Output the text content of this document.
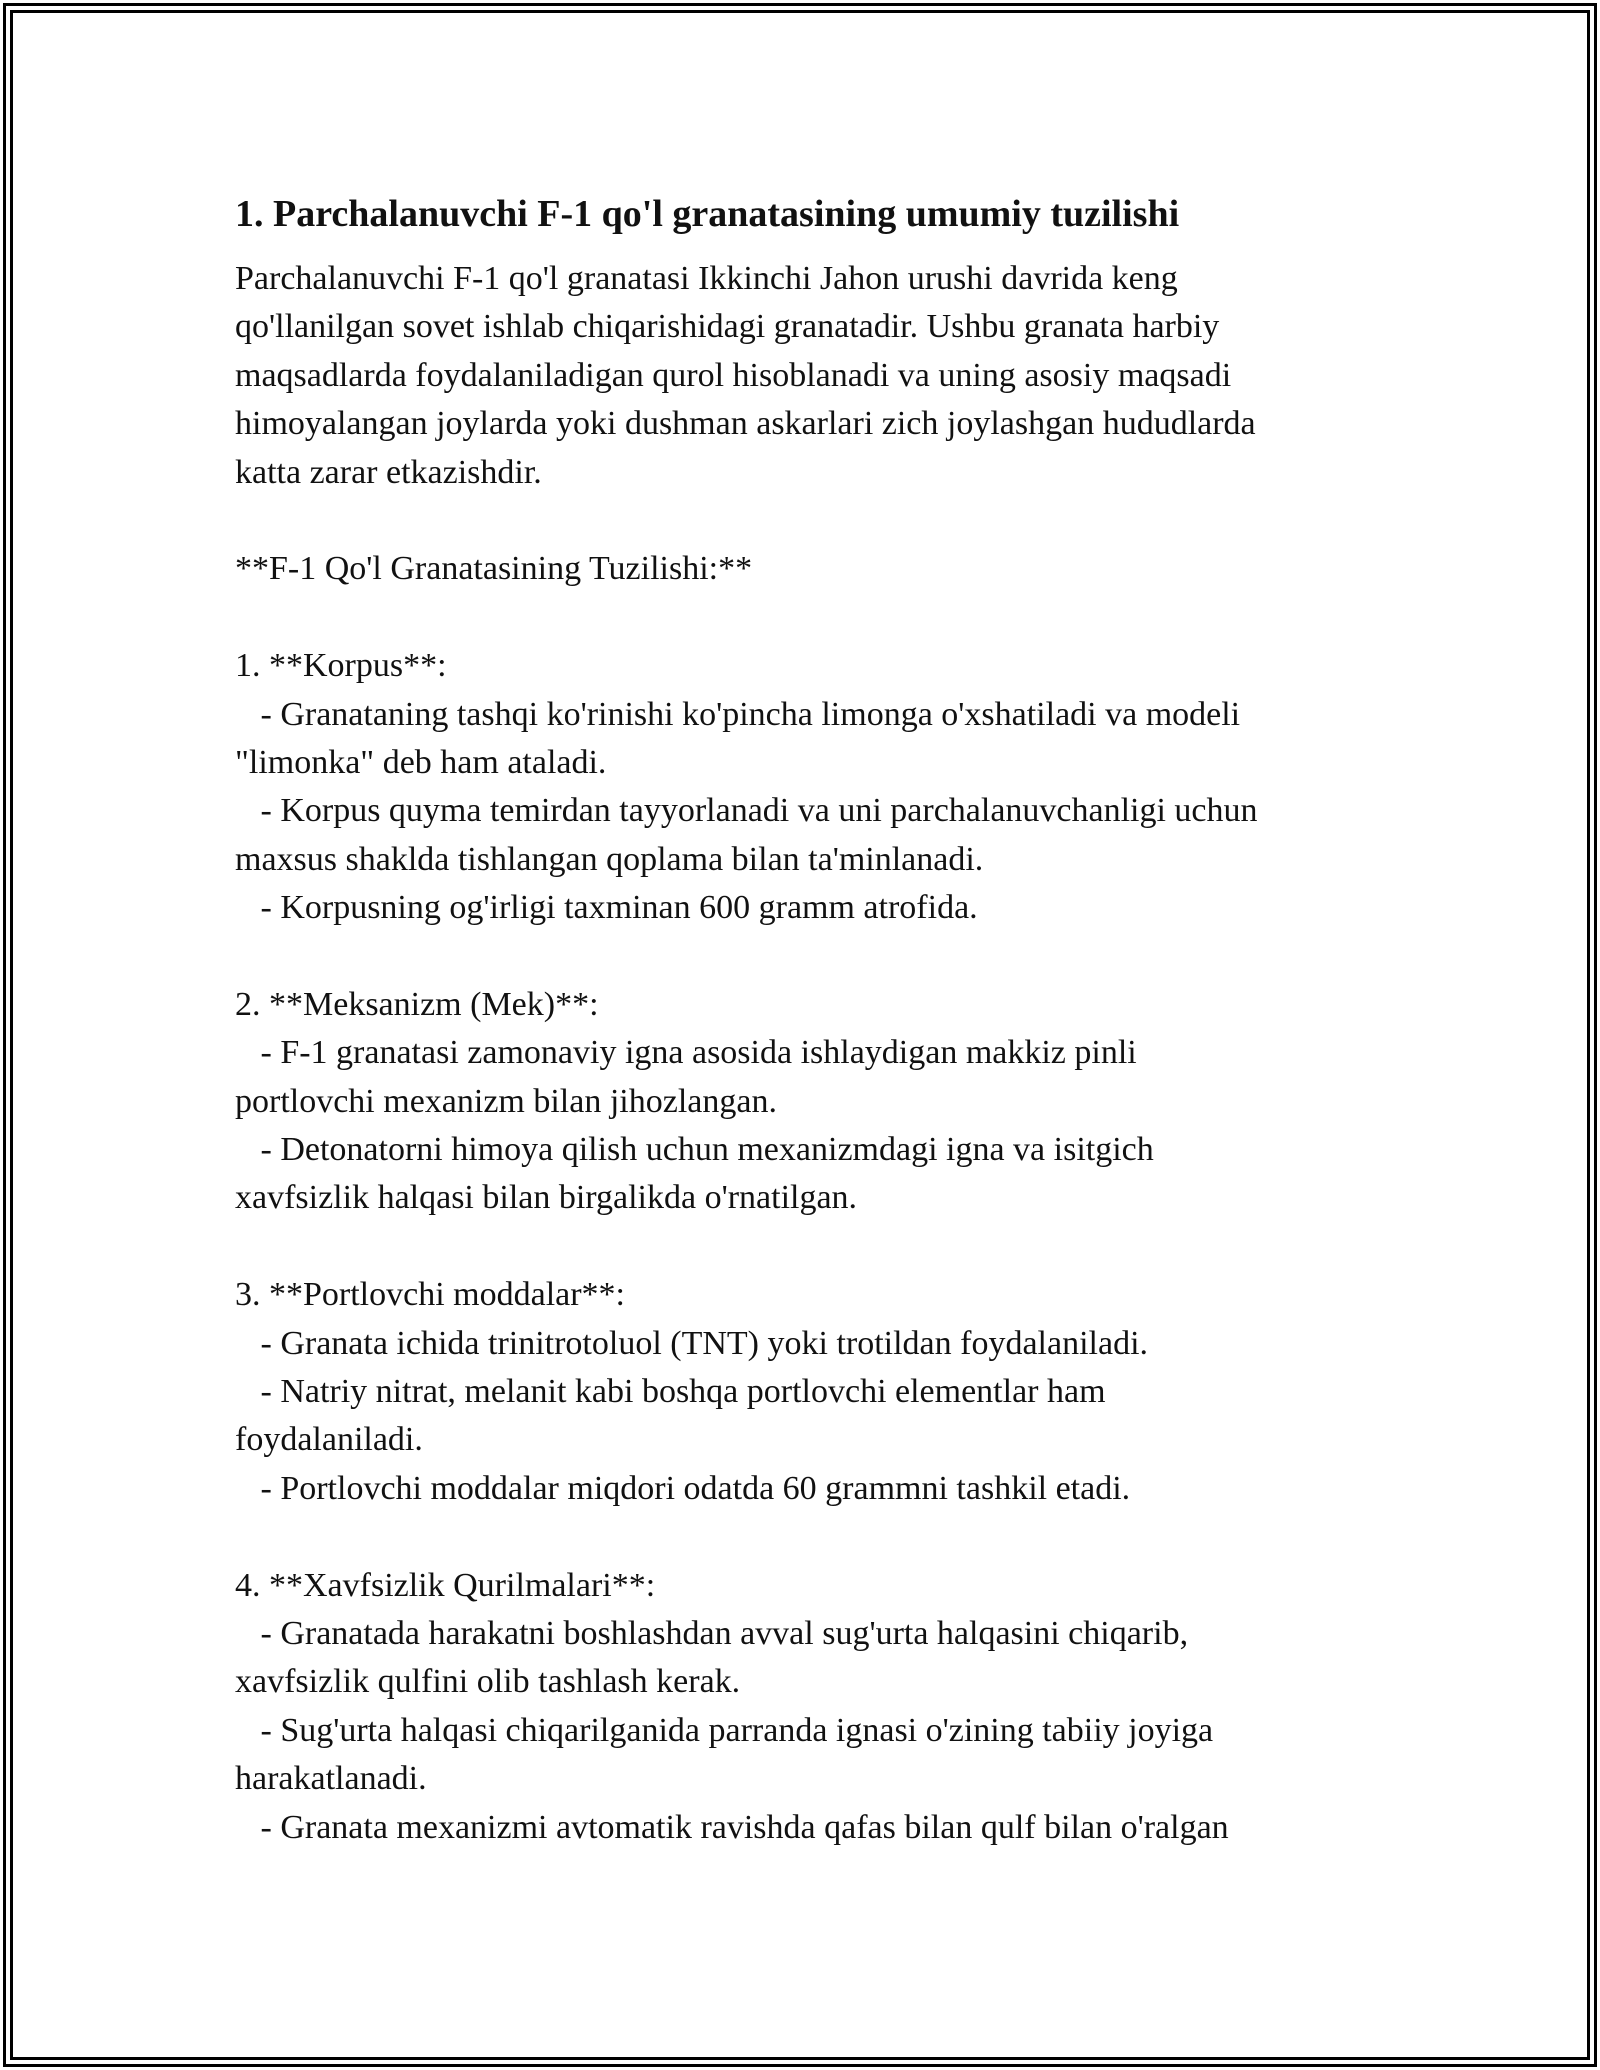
1. Parchalanuvchi F-1 qo'l granatasining umumiy tuzilishi
Parchalanuvchi F-1 qo'l granatasi Ikkinchi Jahon urushi davrida keng
qo'llanilgan sovet ishlab chiqarishidagi granatadir. Ushbu granata harbiy
maqsadlarda foydalaniladigan qurol hisoblanadi va uning asosiy maqsadi
himoyalangan joylarda yoki dushman askarlari zich joylashgan hududlarda
katta zarar etkazishdir.
**F-1 Qo'l Granatasining Tuzilishi:**
1. **Korpus**:
- Granataning tashqi ko'rinishi ko'pincha limonga o'xshatiladi va modeli
"limonka" deb ham ataladi.
- Korpus quyma temirdan tayyorlanadi va uni parchalanuvchanligi uchun
maxsus shaklda tishlangan qoplama bilan ta'minlanadi.
- Korpusning og'irligi taxminan 600 gramm atrofida.
2. **Meksanizm (Mek)**:
- F-1 granatasi zamonaviy igna asosida ishlaydigan makkiz pinli
portlovchi mexanizm bilan jihozlangan.
- Detonatorni himoya qilish uchun mexanizmdagi igna va isitgich
xavfsizlik halqasi bilan birgalikda o'rnatilgan.
3. **Portlovchi moddalar**:
- Granata ichida trinitrotoluol (TNT) yoki trotildan foydalaniladi.
- Natriy nitrat, melanit kabi boshqa portlovchi elementlar ham
foydalaniladi.
- Portlovchi moddalar miqdori odatda 60 grammni tashkil etadi.
4. **Xavfsizlik Qurilmalari**:
- Granatada harakatni boshlashdan avval sug'urta halqasini chiqarib,
xavfsizlik qulfini olib tashlash kerak.
- Sug'urta halqasi chiqarilganida parranda ignasi o'zining tabiiy joyiga
harakatlanadi.
- Granata mexanizmi avtomatik ravishda qafas bilan qulf bilan o'ralgan
